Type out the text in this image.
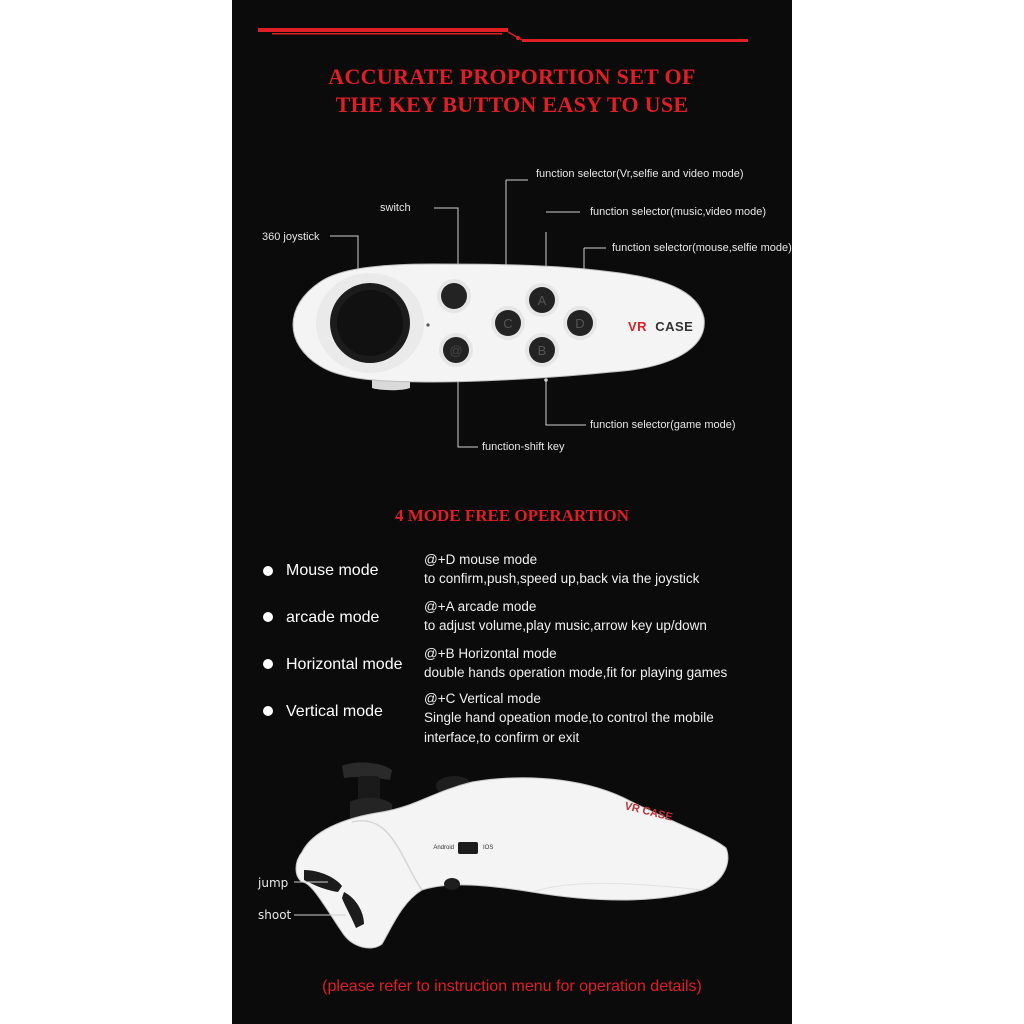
ACCURATE PROPORTION SET OF
THE KEY BUTTON EASY TO USE
@
A
C	D
B
VR CASE
function selector(Vr,selfie and video mode)
switch	function selector(music,video mode)
360 joystick
function selector(mouse,selfie mode)
function selector(game mode)
function-shift key
4 MODE FREE OPERARTION
Mouse mode
@+D mouse mode
to confirm,push,speed up,back via the joystick
arcade mode
@+A arcade mode
to adjust volume,play music,arrow key up/down
Horizontal mode
@+B Horizontal mode
double hands operation mode,fit for playing games
Vertical mode
@+C Vertical mode
Single hand opeation mode,to control the mobile
interface,to confirm or exit
Android	IOS
VR CASE
jump
shoot
(please refer to instruction menu for operation details)
